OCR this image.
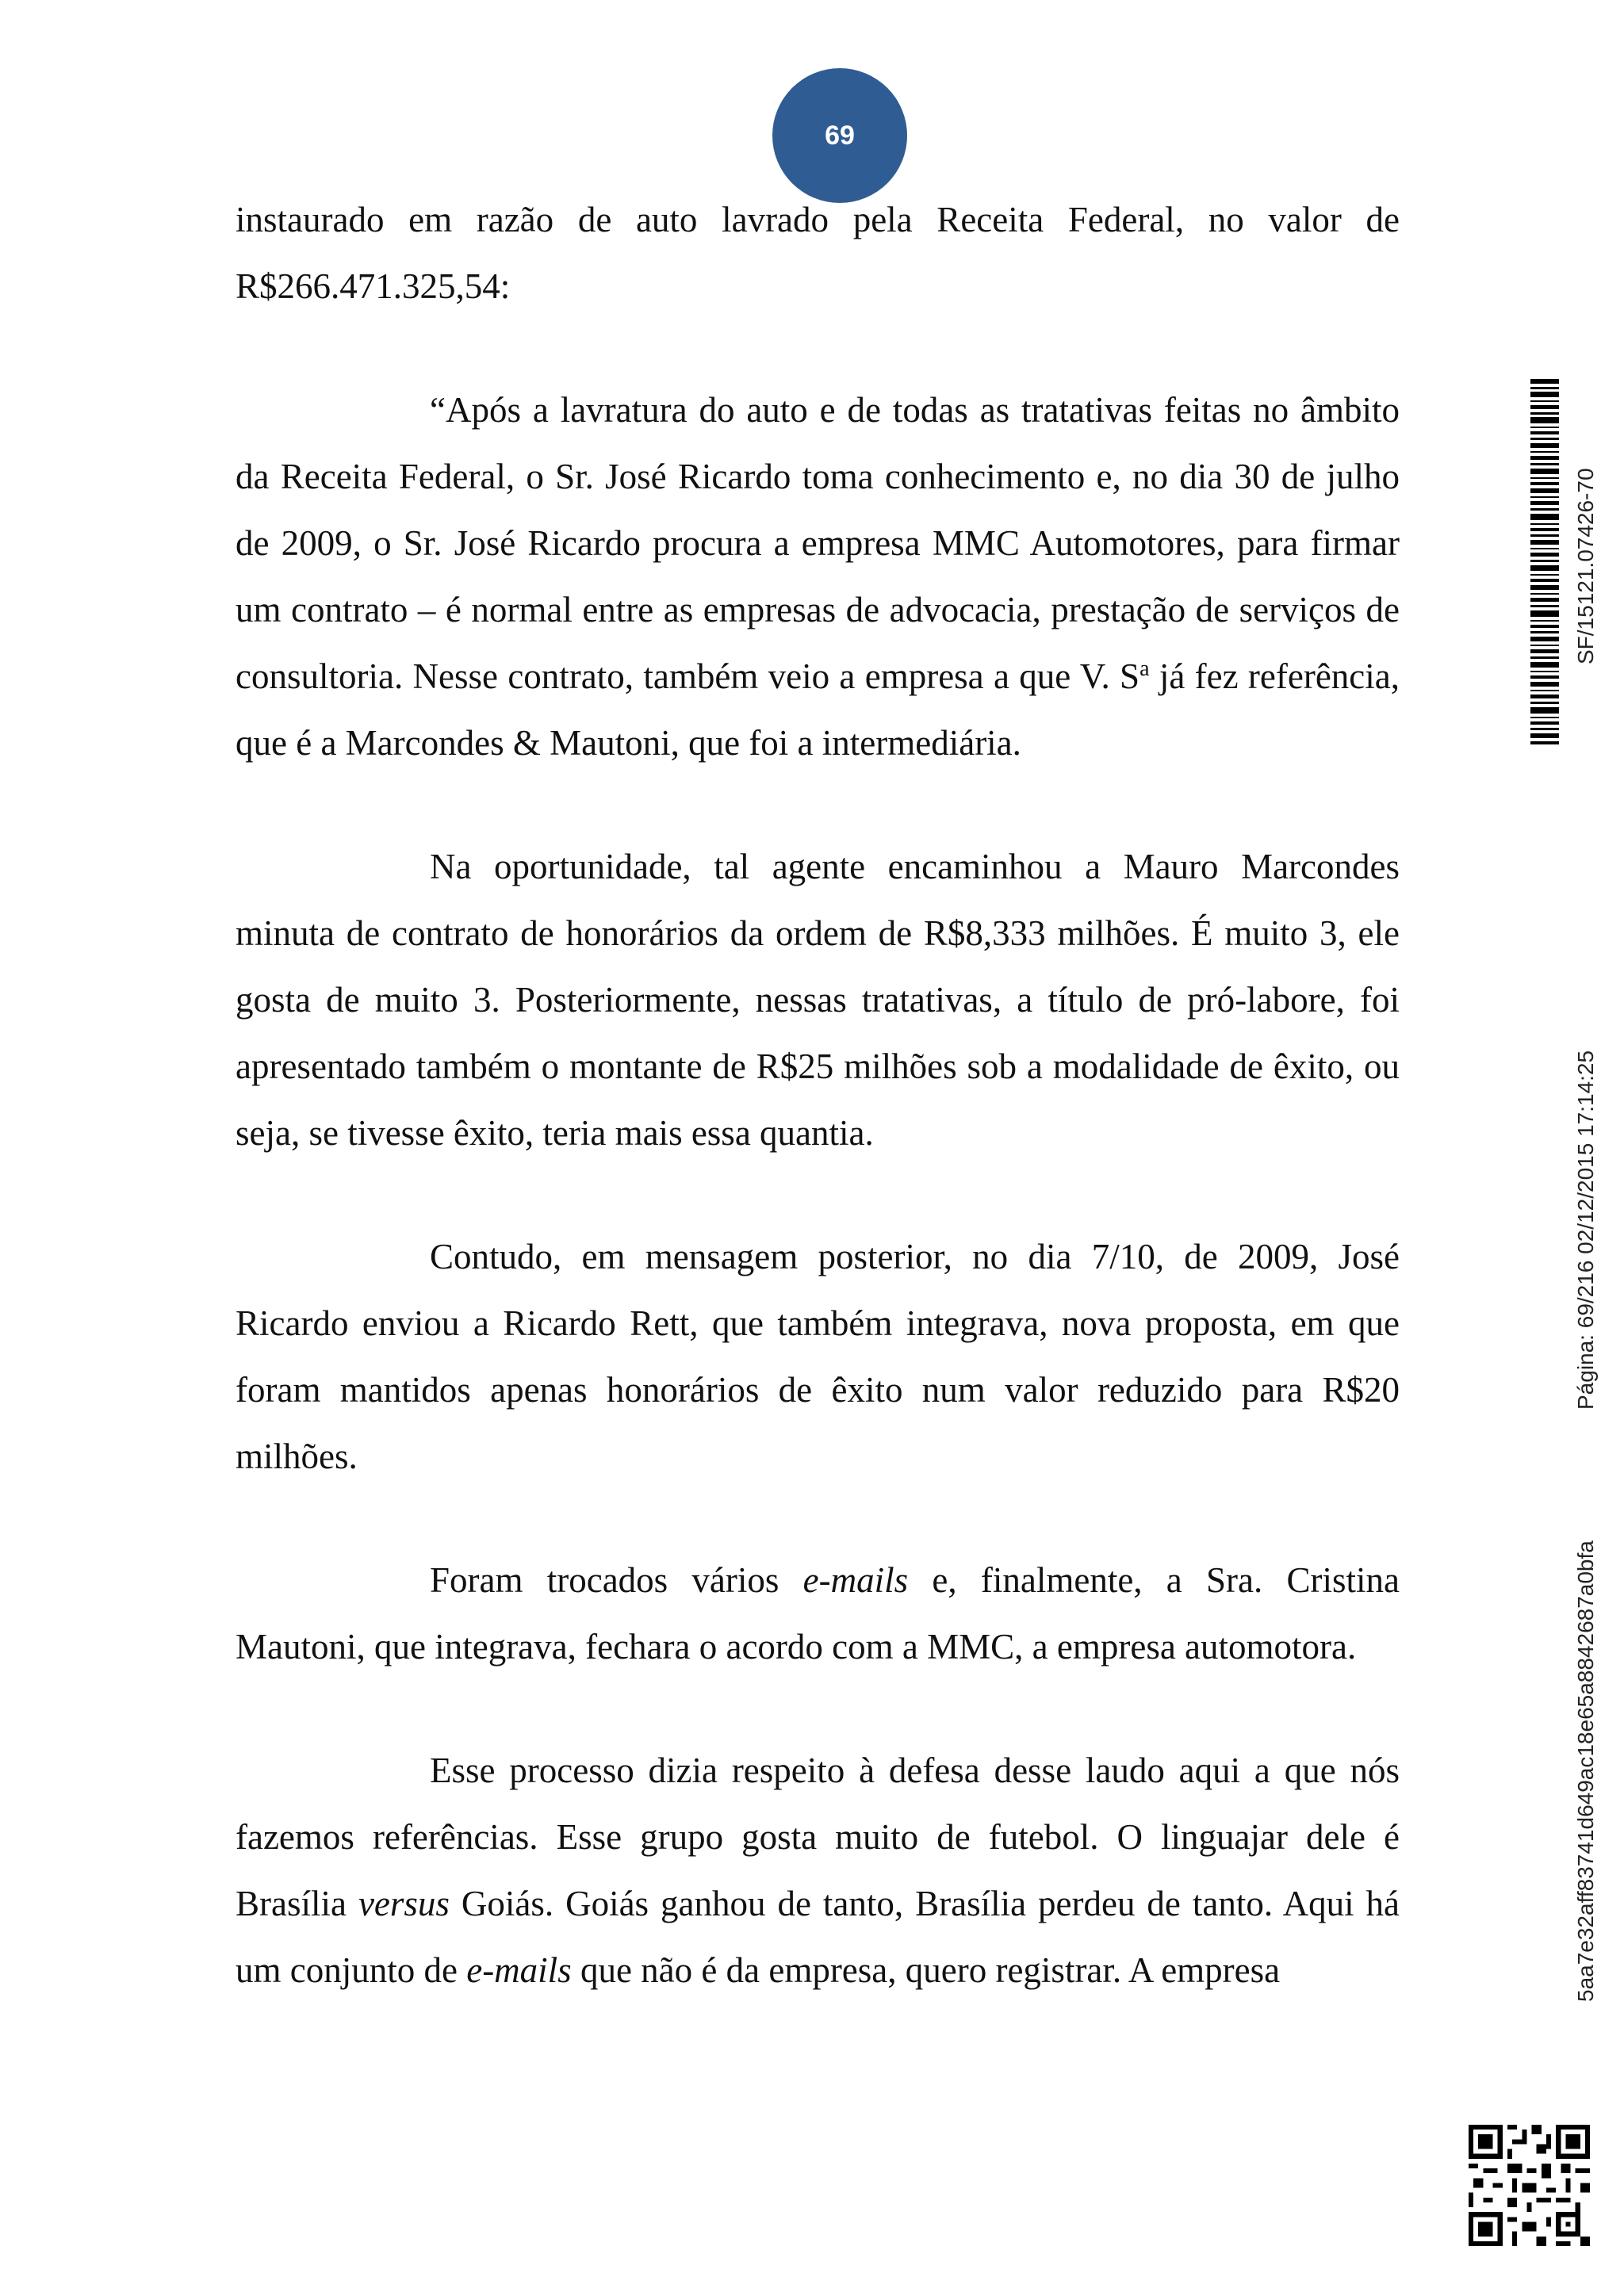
69

instaurado em razão de auto lavrado pela Receita Federal, no valor de
R$266.471.325,54:

“Após a lavratura do auto e de todas as tratativas feitas no âmbito da Receita Federal, o Sr. José Ricardo toma conhecimento e, no dia 30 de julho de 2009, o Sr. José Ricardo procura a empresa MMC Automotores, para firmar um contrato – é normal entre as empresas de advocacia, prestação de serviços de consultoria. Nesse contrato, também veio a empresa a que V. $S^a$ já fez referência, que é a Marcondes & Mautoni, que foi a intermediária.

Na oportunidade, tal agente encaminhou a Mauro Marcondes minuta de contrato de honorários da ordem de R$8,333 milhões. É muito 3, ele gosta de muito 3. Posteriormente, nessas tratativas, a título de pró-labore, foi apresentado também o montante de R$25 milhões sob a modalidade de êxito, ou seja, se tivesse êxito, teria mais essa quantia.

Contudo, em mensagem posterior, no dia 7/10, de 2009, José Ricardo enviou a Ricardo Rett, que também integrava, nova proposta, em que foram mantidos apenas honorários de êxito num valor reduzido para R$20 milhões.

Foram trocados vários e-mails e, finalmente, a Sra. Cristina Mautoni, que integrava, fechara o acordo com a MMC, a empresa automotora.

Esse processo dizia respeito à defesa desse laudo aqui a que nós fazemos referências. Esse grupo gosta muito de futebol. O linguajar dele é Brasília versus Goiás. Goiás ganhou de tanto, Brasília perdeu de tanto. Aqui há um conjunto de e-mails que não é da empresa, quero registrar. A empresa

SF/15121.07426-70
Página: 69/216 02/12/2015 17:14:25
5aa7e32aff83741d649ac18e65a8842687a0bfa
